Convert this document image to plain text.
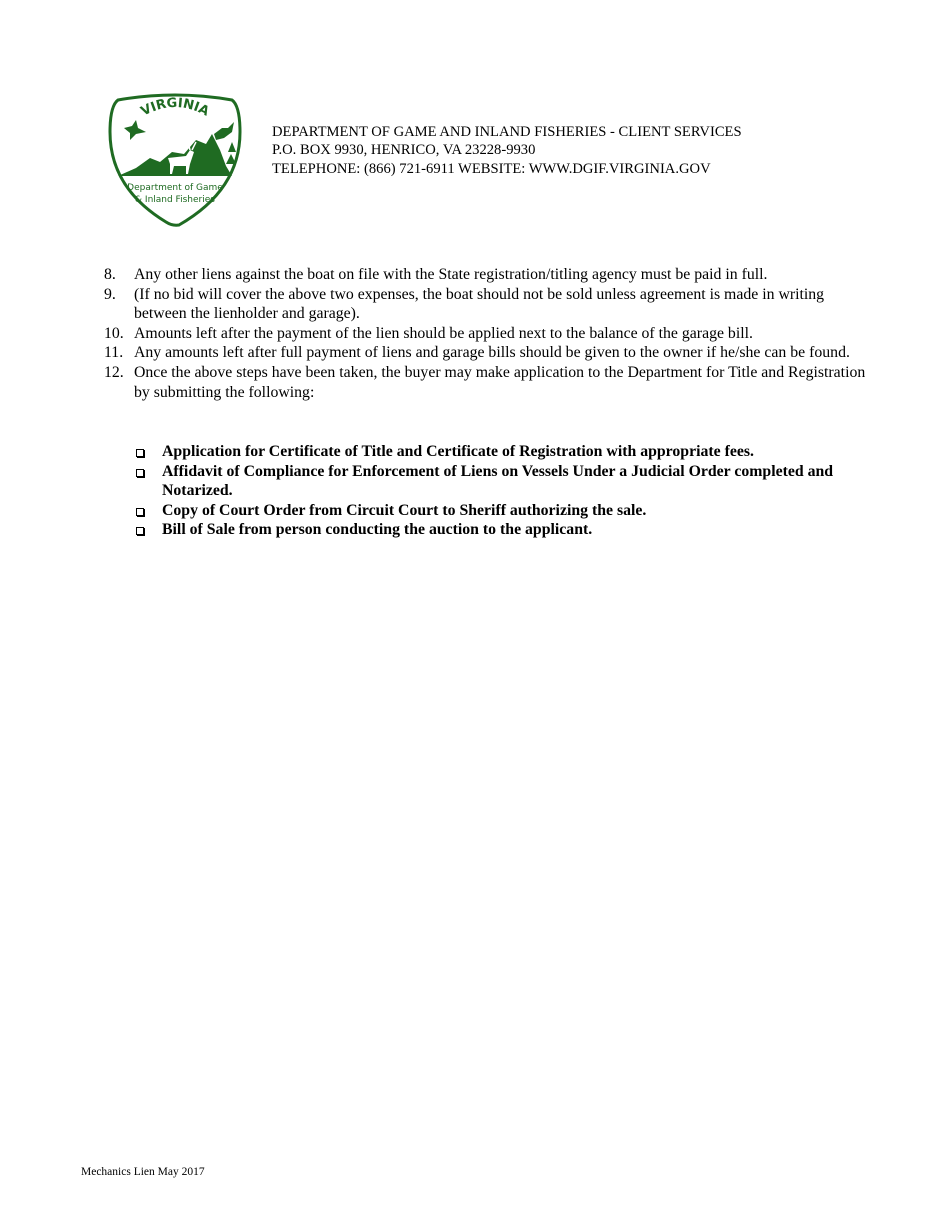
VIRGINIA
Department of Game
& Inland Fisheries
DEPARTMENT OF GAME AND INLAND FISHERIES - CLIENT SERVICES
P.O. BOX 9930, HENRICO, VA 23228-9930
TELEPHONE: (866) 721-6911 WEBSITE: WWW.DGIF.VIRGINIA.GOV
8. Any other liens against the boat on file with the State registration/titling agency must be paid in full.
9. (If no bid will cover the above two expenses, the boat should not be sold unless agreement is made in writing between the lienholder and garage).
10. Amounts left after the payment of the lien should be applied next to the balance of the garage bill.
11. Any amounts left after full payment of liens and garage bills should be given to the owner if he/she can be found.
12. Once the above steps have been taken, the buyer may make application to the Department for Title and Registration by submitting the following:
Application for Certificate of Title and Certificate of Registration with appropriate fees.
Affidavit of Compliance for Enforcement of Liens on Vessels Under a Judicial Order completed and Notarized.
Copy of Court Order from Circuit Court to Sheriff authorizing the sale.
Bill of Sale from person conducting the auction to the applicant.
Mechanics Lien May 2017
